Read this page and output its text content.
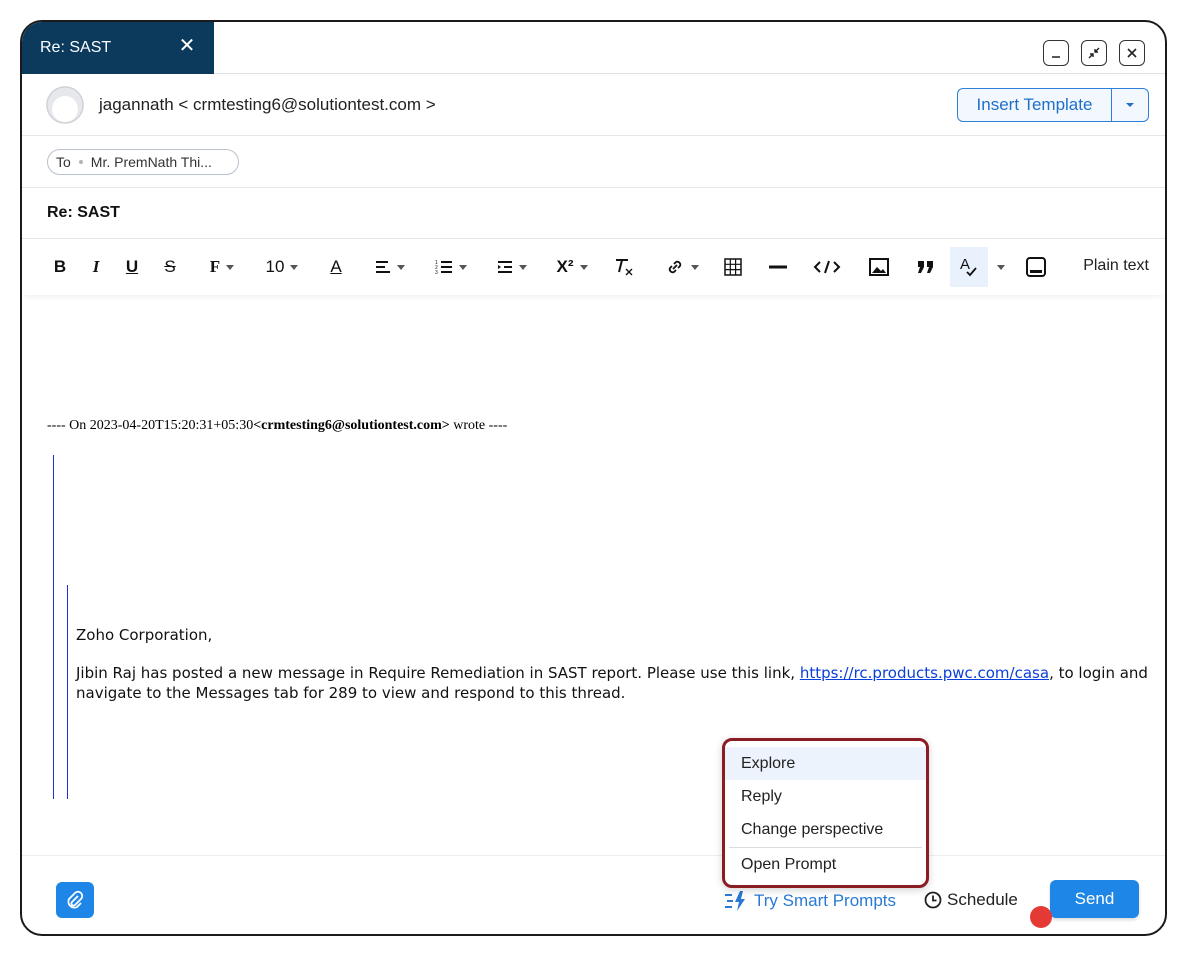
Re: SAST	✕
jagannath < crmtesting6@solutiontest.com >	Insert Template
To Mr. PremNath Thi...
Re: SAST
B	I	U S F	10	A	1
2
3	X²	A	Plain text
---- On 2023-04-20T15:20:31+05:30<crmtesting6@solutiontest.com> wrote ----

Zoho Corporation,

Jibin Raj has posted a new message in Require Remediation in SAST report. Please use this link, https://rc.products.pwc.com/casa, to login and navigate to the Messages tab for 289 to view and respond to this thread.

Try Smart Prompts	Schedule	Send
Explore
Reply
Change perspective
Open Prompt
